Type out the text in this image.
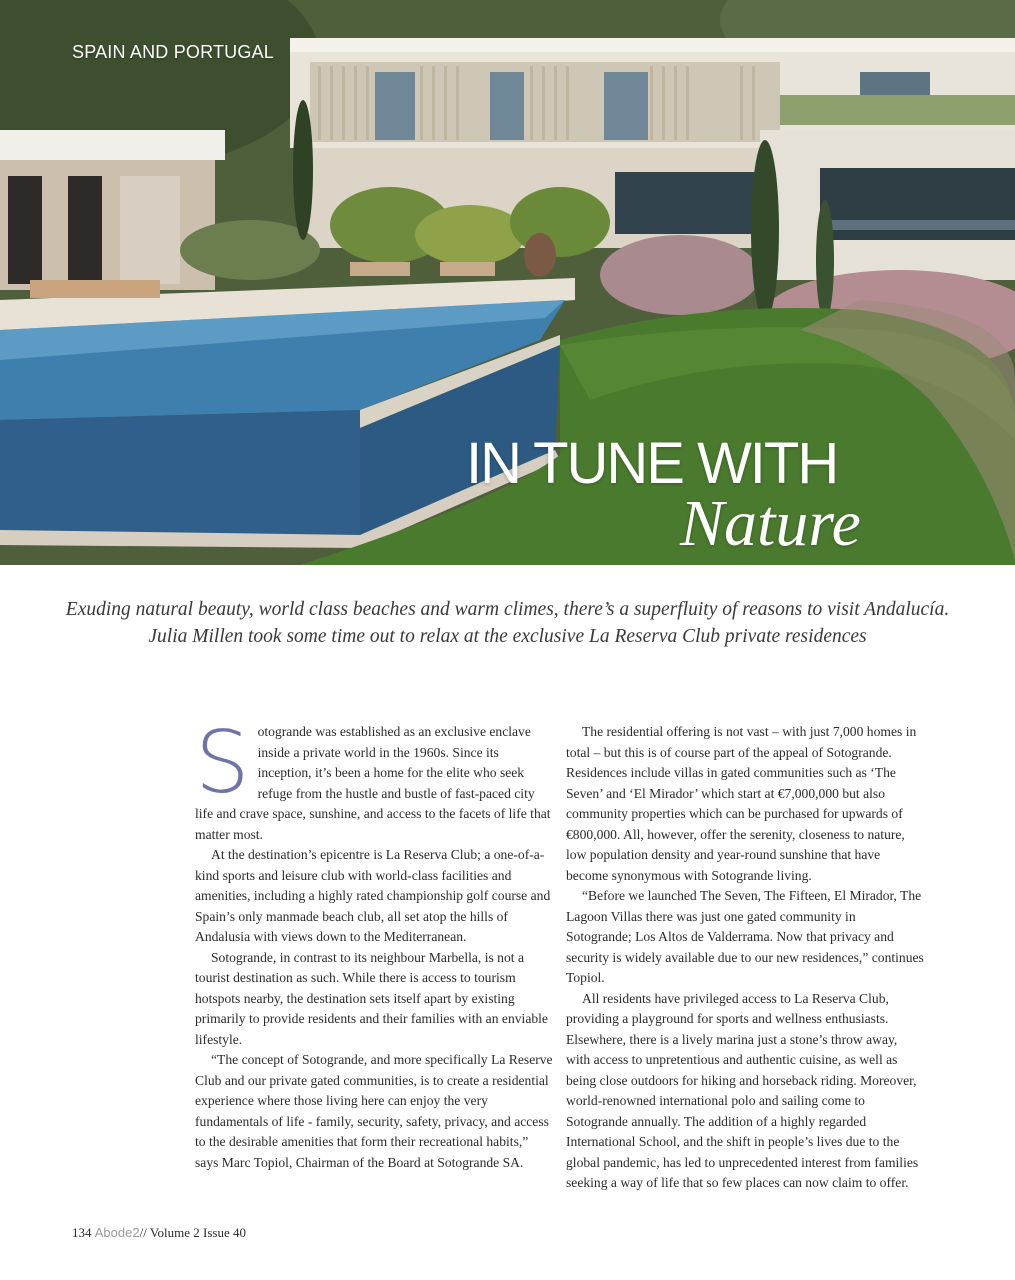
SPAIN AND PORTUGAL
IN TUNE WITH
Nature
Exuding natural beauty, world class beaches and warm climes, there’s a superfluity of reasons to visit Andalucía. Julia Millen took some time out to relax at the exclusive La Reserva Club private residences

Sotogrande was established as an exclusive enclave inside a private world in the 1960s. Since its inception, it’s been a home for the elite who seek refuge from the hustle and bustle of fast-paced city life and crave space, sunshine, and access to the facets of life that matter most.

At the destination’s epicentre is La Reserva Club; a one-of-a-kind sports and leisure club with world-class facilities and amenities, including a highly rated championship golf course and Spain’s only manmade beach club, all set atop the hills of Andalusia with views down to the Mediterranean.

Sotogrande, in contrast to its neighbour Marbella, is not a tourist destination as such. While there is access to tourism hotspots nearby, the destination sets itself apart by existing primarily to provide residents and their families with an enviable lifestyle.

“The concept of Sotogrande, and more specifically La Reserve Club and our private gated communities, is to create a residential experience where those living here can enjoy the very fundamentals of life - family, security, safety, privacy, and access to the desirable amenities that form their recreational habits,” says Marc Topiol, Chairman of the Board at Sotogrande SA.

The residential offering is not vast – with just 7,000 homes in total – but this is of course part of the appeal of Sotogrande. Residences include villas in gated communities such as ‘The Seven’ and ‘El Mirador’ which start at €7,000,000 but also community properties which can be purchased for upwards of €800,000. All, however, offer the serenity, closeness to nature, low population density and year-round sunshine that have become synonymous with Sotogrande living.

“Before we launched The Seven, The Fifteen, El Mirador, The Lagoon Villas there was just one gated community in Sotogrande; Los Altos de Valderrama. Now that privacy and security is widely available due to our new residences,” continues Topiol.

All residents have privileged access to La Reserva Club, providing a playground for sports and wellness enthusiasts. Elsewhere, there is a lively marina just a stone’s throw away, with access to unpretentious and authentic cuisine, as well as being close outdoors for hiking and horseback riding. Moreover, world-renowned international polo and sailing come to Sotogrande annually. The addition of a highly regarded International School, and the shift in people’s lives due to the global pandemic, has led to unprecedented interest from families seeking a way of life that so few places can now claim to offer.

134 Abode2// Volume 2 Issue 40
